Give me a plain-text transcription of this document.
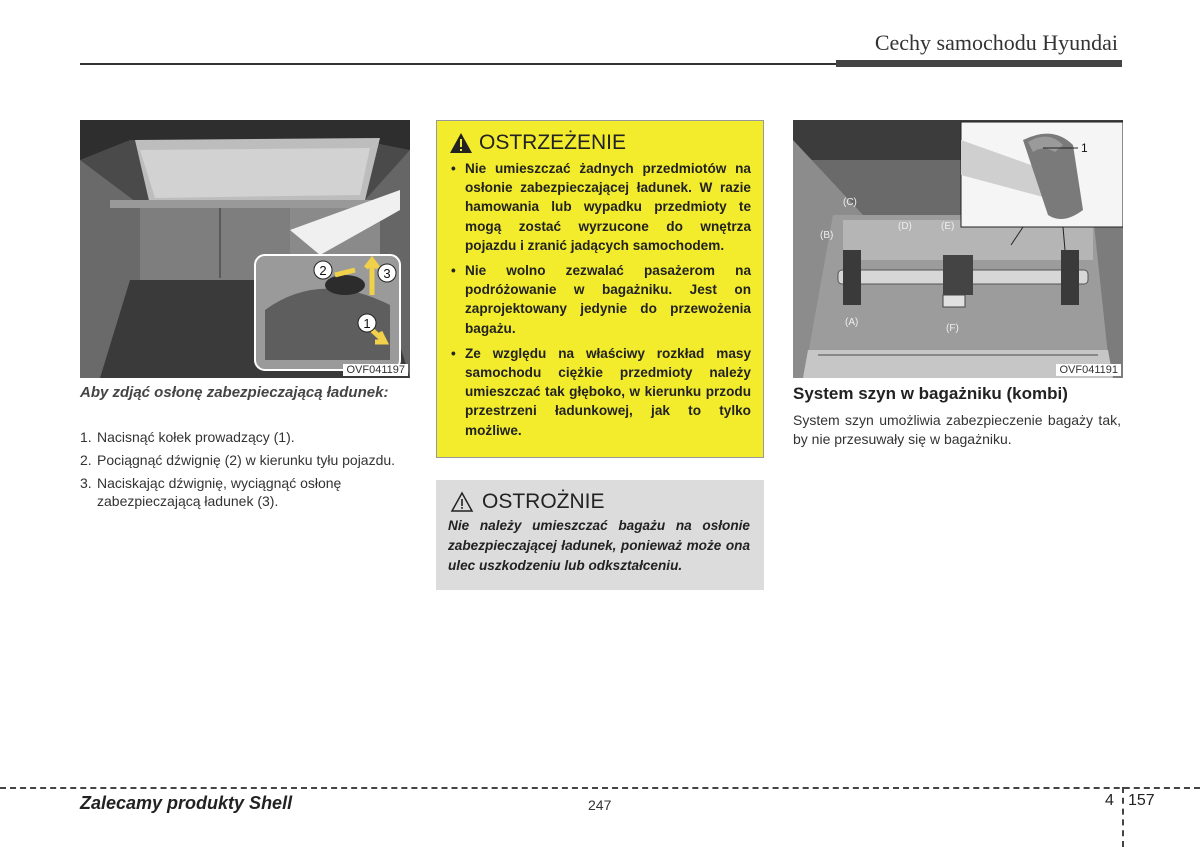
Cechy samochodu Hyundai
1
2	3
OVF041197
Aby zdjąć osłonę zabezpieczającą ładunek:
1. Nacisnąć kołek prowadzący (1).
2. Pociągnąć dźwignię (2) w kierunku tyłu pojazdu.
3. Naciskając dźwignię, wyciągnąć osłonę zabezpieczającą ładunek (3).
OSTRZEŻENIE
• Nie umieszczać żadnych przedmiotów na osłonie zabezpieczającej ładunek. W razie hamowania lub wypadku przedmioty te mogą zostać wyrzucone do wnętrza pojazdu i zranić jadących samochodem.
• Nie wolno zezwalać pasażerom na podróżowanie w bagażniku. Jest on zaprojektowany jedynie do przewożenia bagażu.
• Ze względu na właściwy rozkład masy samochodu ciężkie przedmioty należy umieszczać tak głęboko, w kierunku przodu przestrzeni ładunkowej, jak to tylko możliwe.
OSTROŻNIE

Nie należy umieszczać bagażu na osłonie zabezpieczającej ładunek, ponieważ może ona ulec uszkodzeniu lub odkształceniu.

1
(A)
(B)
(C)
(D)	(E)
(F)
OVF041191
System szyn w bagażniku (kombi)
System szyn umożliwia zabezpieczenie bagaży tak, by nie przesuwały się w bagażniku.
Zalecamy produkty Shell	247	4 157
